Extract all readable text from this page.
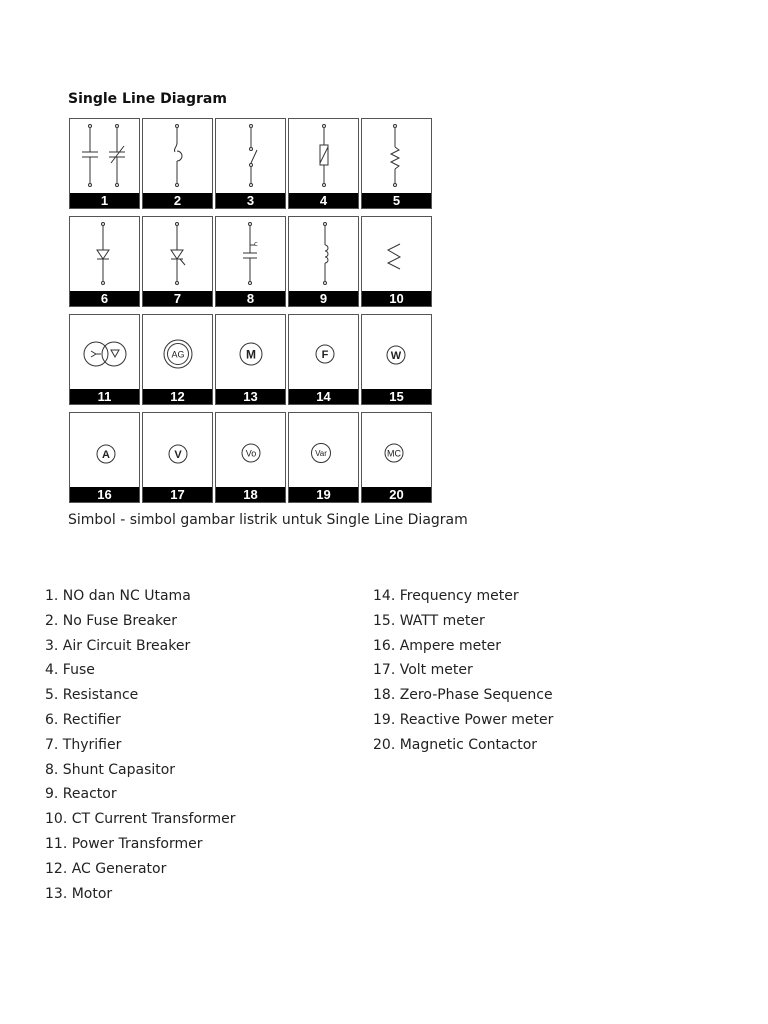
Single Line Diagram
1	2	3	4	5
6	7
c
8	9	10
11
AG
12
M
13
F
14
W
15
A
16
V
17
Vo
18
Var
19
MC
20
Simbol - simbol gambar listrik untuk Single Line Diagram
1. NO dan NC Utama
2. No Fuse Breaker
3. Air Circuit Breaker
4. Fuse
5. Resistance
6. Rectifier
7. Thyrifier
8. Shunt Capasitor
9. Reactor
10. CT Current Transformer
11. Power Transformer
12. AC Generator
13. Motor
14. Frequency meter
15. WATT meter
16. Ampere meter
17. Volt meter
18. Zero-Phase Sequence
19. Reactive Power meter
20. Magnetic Contactor
